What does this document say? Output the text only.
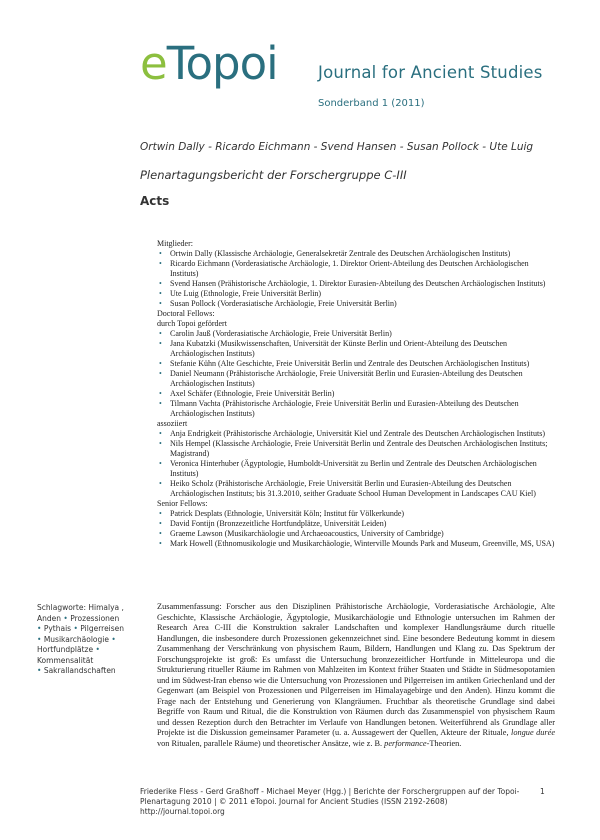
e Topoi Journal for Ancient Studies
Sonderband 1 (2011)
Ortwin Dally - Ricardo Eichmann - Svend Hansen - Susan Pollock - Ute Luig
Plenartagungsbericht der Forschergruppe C-III
Acts
Mitglieder:
• Ortwin Dally (Klassische Archäologie, Generalsekretär Zentrale des Deutschen Archäologischen Instituts)
• Ricardo Eichmann (Vorderasiatische Archäologie, 1. Direktor Orient-Abteilung des Deutschen Archäologischen Instituts)
• Svend Hansen (Prähistorische Archäologie, 1. Direktor Eurasien-Abteilung des Deutschen Archäologischen Instituts)
• Ute Luig (Ethnologie, Freie Universität Berlin)
• Susan Pollock (Vorderasiatische Archäologie, Freie Universität Berlin)
Doctoral Fellows:
durch Topoi gefördert
• Carolin Jauß (Vorderasiatische Archäologie, Freie Universität Berlin)
• Jana Kubatzki (Musikwissenschaften, Universität der Künste Berlin und Orient-Abteilung des Deutschen Archäologischen Instituts)
• Stefanie Kühn (Alte Geschichte, Freie Universität Berlin und Zentrale des Deutschen Archäologischen Instituts)
• Daniel Neumann (Prähistorische Archäologie, Freie Universität Berlin und Eurasien-Abteilung des Deutschen Archäologischen Instituts)
• Axel Schäfer (Ethnologie, Freie Universität Berlin)
• Tilmann Vachta (Prähistorische Archäologie, Freie Universität Berlin und Eurasien-Abteilung des Deutschen Archäologischen Instituts)
assoziiert
• Anja Endrigkeit (Prähistorische Archäologie, Universität Kiel und Zentrale des Deutschen Archäologischen Instituts)
• Nils Hempel (Klassische Archäologie, Freie Universität Berlin und Zentrale des Deutschen Archäologischen Instituts; Magistrand)
• Veronica Hinterhuber (Ägyptologie, Humboldt-Universität zu Berlin und Zentrale des Deutschen Archäologischen Instituts)
• Heiko Scholz (Prähistorische Archäologie, Freie Universität Berlin und Eurasien-Abteilung des Deutschen Archäologischen Instituts; bis 31.3.2010, seither Graduate School Human Development in Landscapes CAU Kiel)
Senior Fellows:
• Patrick Desplats (Ethnologie, Universität Köln; Institut für Völkerkunde)
• David Fontijn (Bronzezeitliche Hortfundplätze, Universität Leiden)
• Graeme Lawson (Musikarchäologie und Archaeoacoustics, University of Cambridge)
• Mark Howell (Ethnomusikologie und Musikarchäologie, Winterville Mounds Park and Museum, Greenville, MS, USA)
Schlagworte: Himalya ,
Anden • Prozessionen
• Pythais • Pilgerreisen
• Musikarchäologie • Hortfundplätze • Kommensalität
• Sakrallandschaften
Zusammenfassung: Forscher aus den Disziplinen Prähistorische Archäologie, Vorderasiatische Archäologie, Alte Geschichte, Klassische Archäologie, Ägyptologie, Musikarchäologie und Ethnologie untersuchen im Rahmen der Research Area C-III die Konstruktion sakraler Landschaften und komplexer Handlungsräume durch rituelle Handlungen, die insbesondere durch Prozessionen gekennzeichnet sind. Eine besondere Bedeutung kommt in diesem Zusammenhang der Verschränkung von physischem Raum, Bildern, Handlungen und Klang zu. Das Spektrum der Forschungsprojekte ist groß: Es umfasst die Untersuchung bronzezeitlicher Hortfunde in Mitteleuropa und die Strukturierung ritueller Räume im Rahmen von Mahlzeiten im Kontext früher Staaten und Städte in Südmesopotamien und im Südwest-Iran ebenso wie die Untersuchung von Prozessionen und Pilgerreisen im antiken Griechenland und der Gegenwart (am Beispiel von Prozessionen und Pilgerreisen im Himalayagebirge und den Anden). Hinzu kommt die Frage nach der Entstehung und Generierung von Klangräumen. Fruchtbar als theoretische Grundlage sind dabei Begriffe von Raum und Ritual, die die Konstruktion von Räumen durch das Zusammenspiel von physischem Raum und dessen Rezeption durch den Betrachter im Verlaufe von Handlungen betonen. Weiterführend als Grundlage aller Projekte ist die Diskussion gemeinsamer Parameter (u. a. Aussagewert der Quellen, Akteure der Rituale, longue durée von Ritualen, parallele Räume) und theoretischer Ansätze, wie z. B. performance-Theorien.
Friederike Fless - Gerd Graßhoff - Michael Meyer (Hgg.) | Berichte der Forschergruppen auf der Topoi-
Plenartagung 2010 | © 2011 eTopoi. Journal for Ancient Studies (ISSN 2192-2608) http://journal.topoi.org
1
